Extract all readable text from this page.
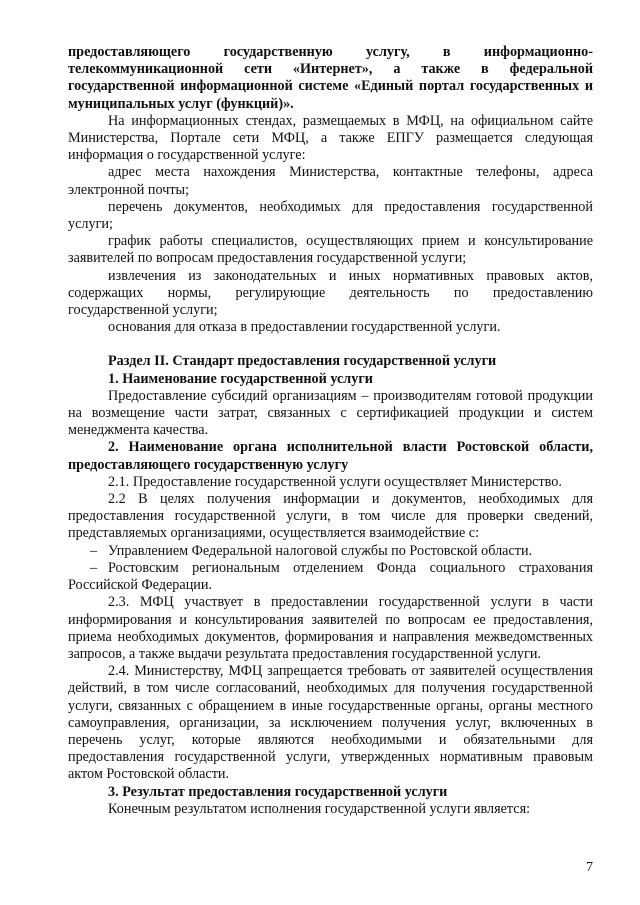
предоставляющего государственную услугу, в информационно-телекоммуникационной сети «Интернет», а также в федеральной государственной информационной системе «Единый портал государственных и муниципальных услуг (функций)».

На информационных стендах, размещаемых в МФЦ, на официальном сайте Министерства, Портале сети МФЦ, а также ЕПГУ размещается следующая информация о государственной услуге:

адрес места нахождения Министерства, контактные телефоны, адреса электронной почты;

перечень документов, необходимых для предоставления государственной услуги;

график работы специалистов, осуществляющих прием и консультирование заявителей по вопросам предоставления государственной услуги;

извлечения из законодательных и иных нормативных правовых актов, содержащих нормы, регулирующие деятельность по предоставлению государственной услуги;

основания для отказа в предоставлении государственной услуги.

Раздел II. Стандарт предоставления государственной услуги

1. Наименование государственной услуги

Предоставление субсидий организациям – производителям готовой продукции на возмещение части затрат, связанных с сертификацией продукции и систем менеджмента качества.

2. Наименование органа исполнительной власти Ростовской области, предоставляющего государственную услугу

2.1. Предоставление государственной услуги осуществляет Министерство.

2.2 В целях получения информации и документов, необходимых для предоставления государственной услуги, в том числе для проверки сведений, представляемых организациями, осуществляется взаимодействие с:

– Управлением Федеральной налоговой службы по Ростовской области.

– Ростовским региональным отделением Фонда социального страхования Российской Федерации.

2.3. МФЦ участвует в предоставлении государственной услуги в части информирования и консультирования заявителей по вопросам ее предоставления, приема необходимых документов, формирования и направления межведомственных запросов, а также выдачи результата предоставления государственной услуги.

2.4. Министерству, МФЦ запрещается требовать от заявителей осуществления действий, в том числе согласований, необходимых для получения государственной услуги, связанных с обращением в иные государственные органы, органы местного самоуправления, организации, за исключением получения услуг, включенных в перечень услуг, которые являются необходимыми и обязательными для предоставления государственной услуги, утвержденных нормативным правовым актом Ростовской области.

3. Результат предоставления государственной услуги

Конечным результатом исполнения государственной услуги является:

7
